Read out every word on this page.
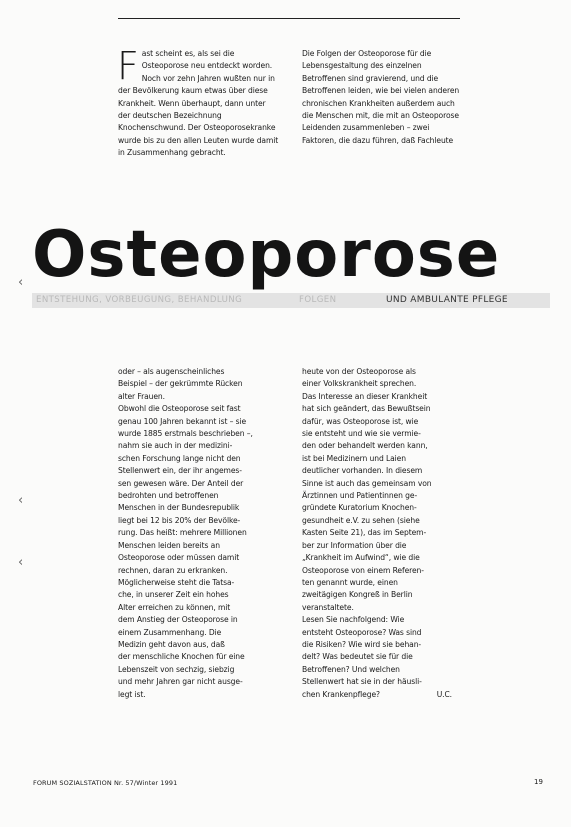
Fast scheint es, als sei die Osteoporose neu entdeckt worden. Noch vor zehn Jahren wußten nur in der Bevölkerung kaum etwas über diese Krankheit. Wenn überhaupt, dann unter der deutschen Bezeichnung Knochenschwund. Der Osteoporosekranke wurde bis zu den allen Leuten wurde damit in Zusammenhang gebracht.

Die Folgen der Osteoporose für die Lebensgestaltung des einzelnen Betroffenen sind gravierend, und die Betroffenen leiden, wie bei vielen anderen chronischen Krankheiten außerdem auch die Menschen mit, die mit an Osteoporose Leidenden zusammenleben – zwei Faktoren, die dazu führen, daß Fachleute

Osteoporose
ENTSTEHUNG, VORBEUGUNG, BEHANDLUNG	FOLGEN	UND AMBULANTE PFLEGE
‹
‹
‹

oder – als augenscheinliches

Beispiel – der gekrümmte Rücken

alter Frauen.

Obwohl die Osteoporose seit fast

genau 100 Jahren bekannt ist – sie

wurde 1885 erstmals beschrieben –,

nahm sie auch in der medizini-

schen Forschung lange nicht den

Stellenwert ein, der ihr angemes-

sen gewesen wäre. Der Anteil der

bedrohten und betroffenen

Menschen in der Bundesrepublik

liegt bei 12 bis 20% der Bevölke-

rung. Das heißt: mehrere Millionen

Menschen leiden bereits an

Osteoporose oder müssen damit

rechnen, daran zu erkranken.

Möglicherweise steht die Tatsa-

che, in unserer Zeit ein hohes

Alter erreichen zu können, mit

dem Anstieg der Osteoporose in

einem Zusammenhang. Die

Medizin geht davon aus, daß

der menschliche Knochen für eine

Lebenszeit von sechzig, siebzig

und mehr Jahren gar nicht ausge-

legt ist.

heute von der Osteoporose als

einer Volkskrankheit sprechen.

Das Interesse an dieser Krankheit

hat sich geändert, das Bewußtsein

dafür, was Osteoporose ist, wie

sie entsteht und wie sie vermie-

den oder behandelt werden kann,

ist bei Medizinern und Laien

deutlicher vorhanden. In diesem

Sinne ist auch das gemeinsam von

Ärztinnen und Patientinnen ge-

gründete Kuratorium Knochen-

gesundheit e.V. zu sehen (siehe

Kasten Seite 21), das im Septem-

ber zur Information über die

„Krankheit im Aufwind“, wie die

Osteoporose von einem Referen-

ten genannt wurde, einen

zweitägigen Kongreß in Berlin

veranstaltete.

Lesen Sie nachfolgend: Wie

entsteht Osteoporose? Was sind

die Risiken? Wie wird sie behan-

delt? Was bedeutet sie für die

Betroffenen? Und welchen

Stellenwert hat sie in der häusli-

chen Krankenpflege?	U.C.

FORUM SOZIALSTATION Nr. 57/Winter 1991	19
